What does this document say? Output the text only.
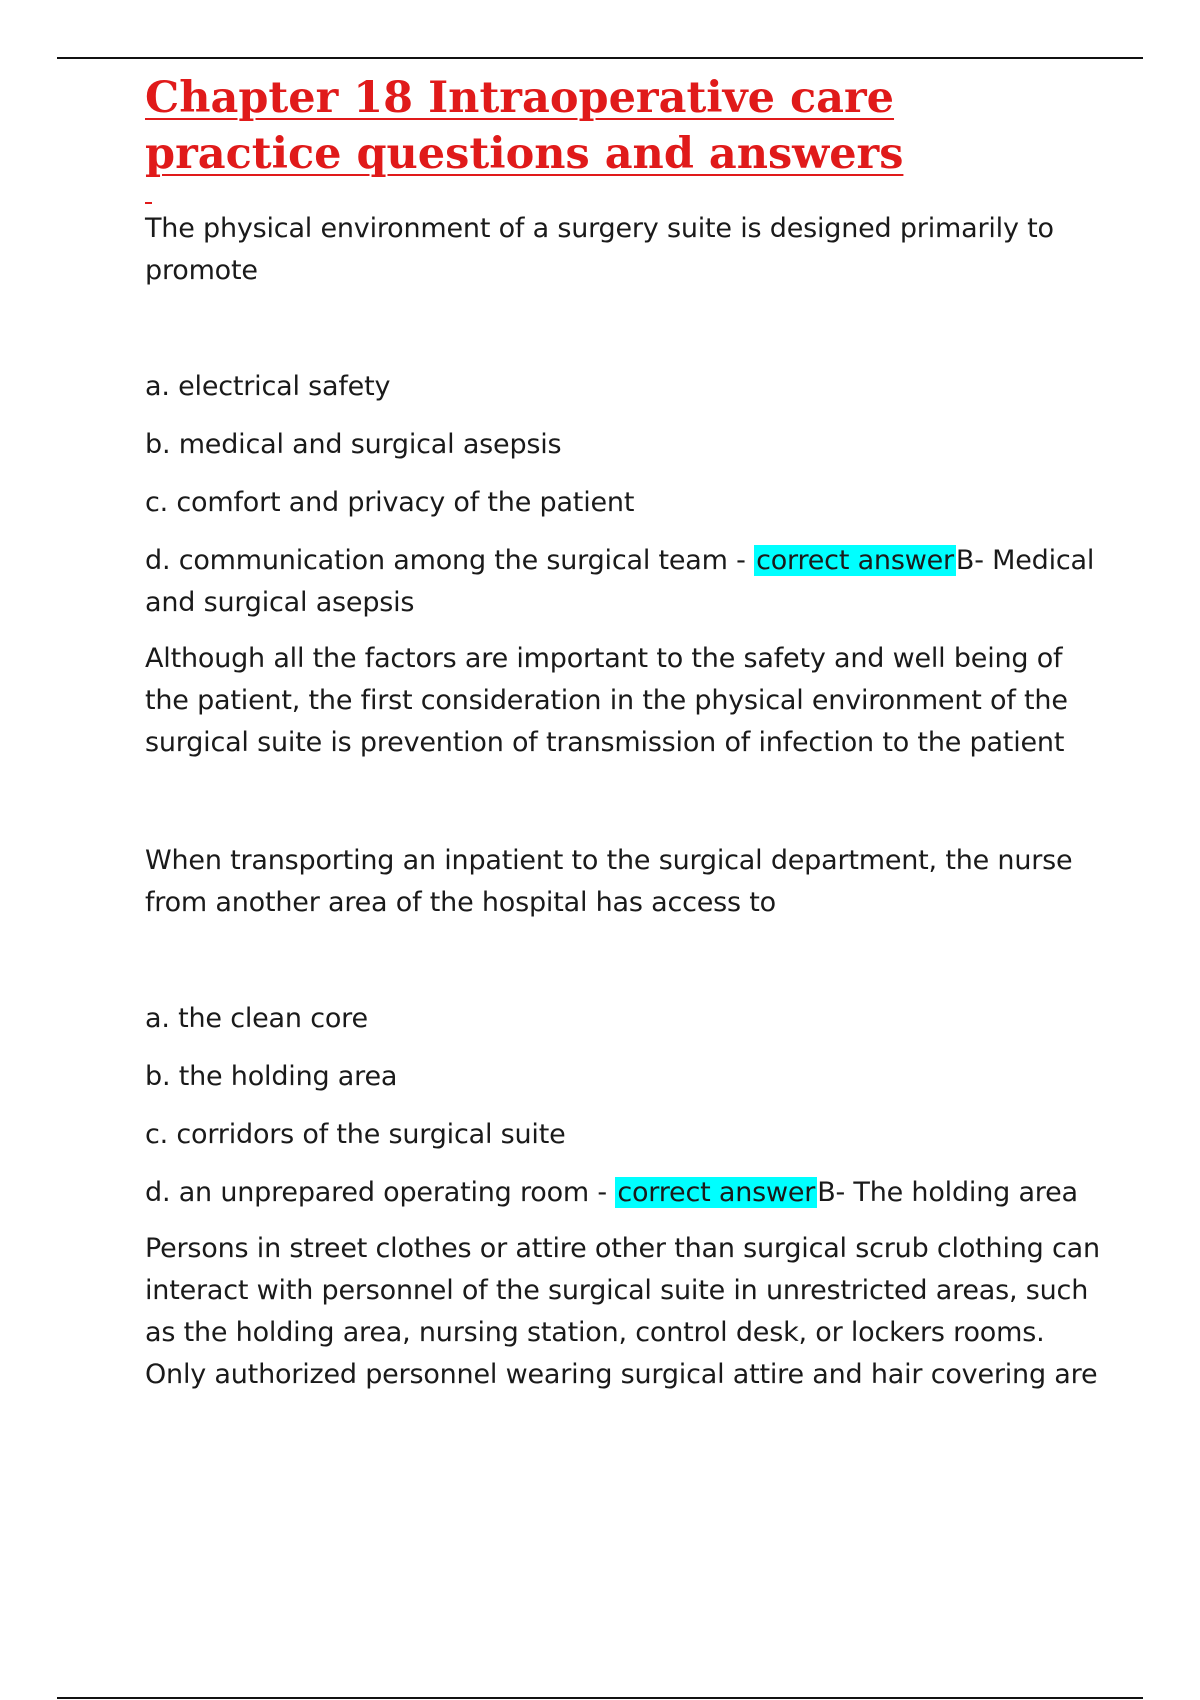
Chapter 18 Intraoperative care practice questions and answers

The physical environment of a surgery suite is designed primarily to promote

a. electrical safety

b. medical and surgical asepsis

c. comfort and privacy of the patient

d. communication among the surgical team - correct answerB- Medical and surgical asepsis

Although all the factors are important to the safety and well being of the patient, the first consideration in the physical environment of the surgical suite is prevention of transmission of infection to the patient

When transporting an inpatient to the surgical department, the nurse from another area of the hospital has access to

a. the clean core

b. the holding area

c. corridors of the surgical suite

d. an unprepared operating room - correct answerB- The holding area

Persons in street clothes or attire other than surgical scrub clothing can interact with personnel of the surgical suite in unrestricted areas, such as the holding area, nursing station, control desk, or lockers rooms. Only authorized personnel wearing surgical attire and hair covering are
